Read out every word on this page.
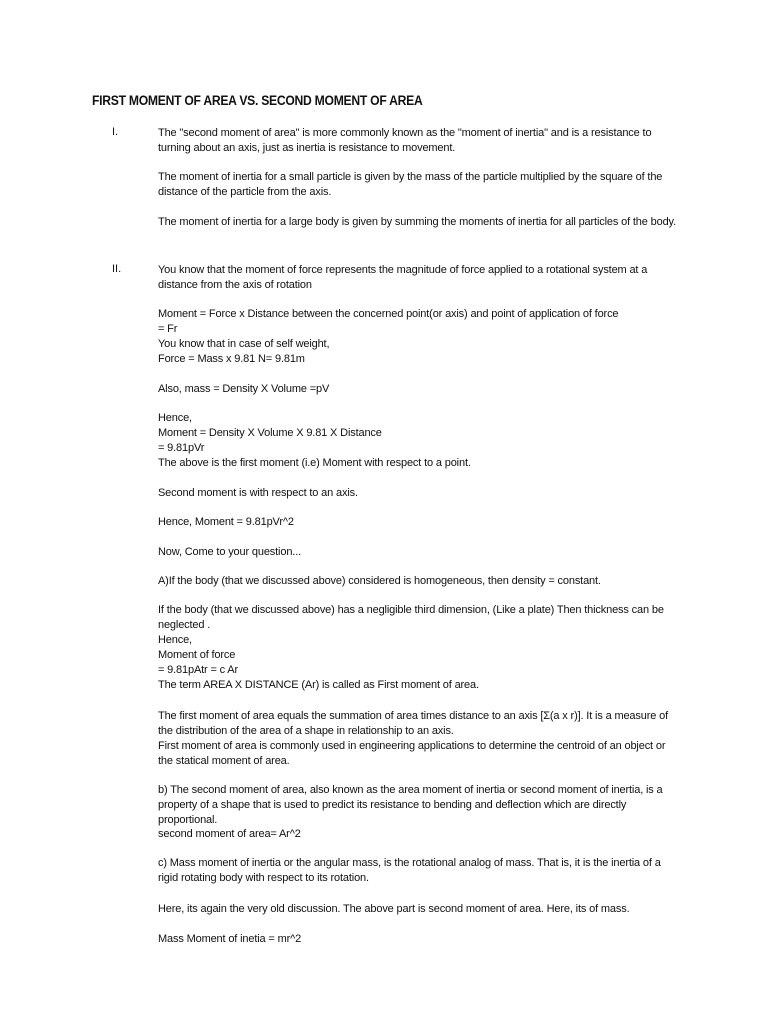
FIRST MOMENT OF AREA VS. SECOND MOMENT OF AREA
I.	The "second moment of area" is more commonly known as the "moment of inertia" and is a resistance to turning about an axis, just as inertia is resistance to movement.
The moment of inertia for a small particle is given by the mass of the particle multiplied by the square of the distance of the particle from the axis.
The moment of inertia for a large body is given by summing the moments of inertia for all particles of the body.
II.	You know that the moment of force represents the magnitude of force applied to a rotational system at a distance from the axis of rotation
Moment = Force x Distance between the concerned point(or axis) and point of application of force
= Fr
You know that in case of self weight,
Force = Mass x 9.81 N= 9.81m
Also, mass = Density X Volume =pV
Hence,
Moment = Density X Volume X 9.81 X Distance
= 9.81pVr
The above is the first moment (i.e) Moment with respect to a point.
Second moment is with respect to an axis.
Hence, Moment = 9.81pVr^2
Now, Come to your question...
A)If the body (that we discussed above) considered is homogeneous, then density = constant.
If the body (that we discussed above) has a negligible third dimension, (Like a plate) Then thickness can be neglected .
Hence,
Moment of force
= 9.81pAtr = c Ar
The term AREA X DISTANCE (Ar) is called as First moment of area.
The first moment of area equals the summation of area times distance to an axis [Σ(a x r)]. It is a measure of the distribution of the area of a shape in relationship to an axis.
First moment of area is commonly used in engineering applications to determine the centroid of an object or the statical moment of area.
b) The second moment of area, also known as the area moment of inertia or second moment of inertia, is a property of a shape that is used to predict its resistance to bending and deflection which are directly proportional.
second moment of area= Ar^2
c) Mass moment of inertia or the angular mass, is the rotational analog of mass. That is, it is the inertia of a rigid rotating body with respect to its rotation.
Here, its again the very old discussion. The above part is second moment of area. Here, its of mass.
Mass Moment of inetia = mr^2
